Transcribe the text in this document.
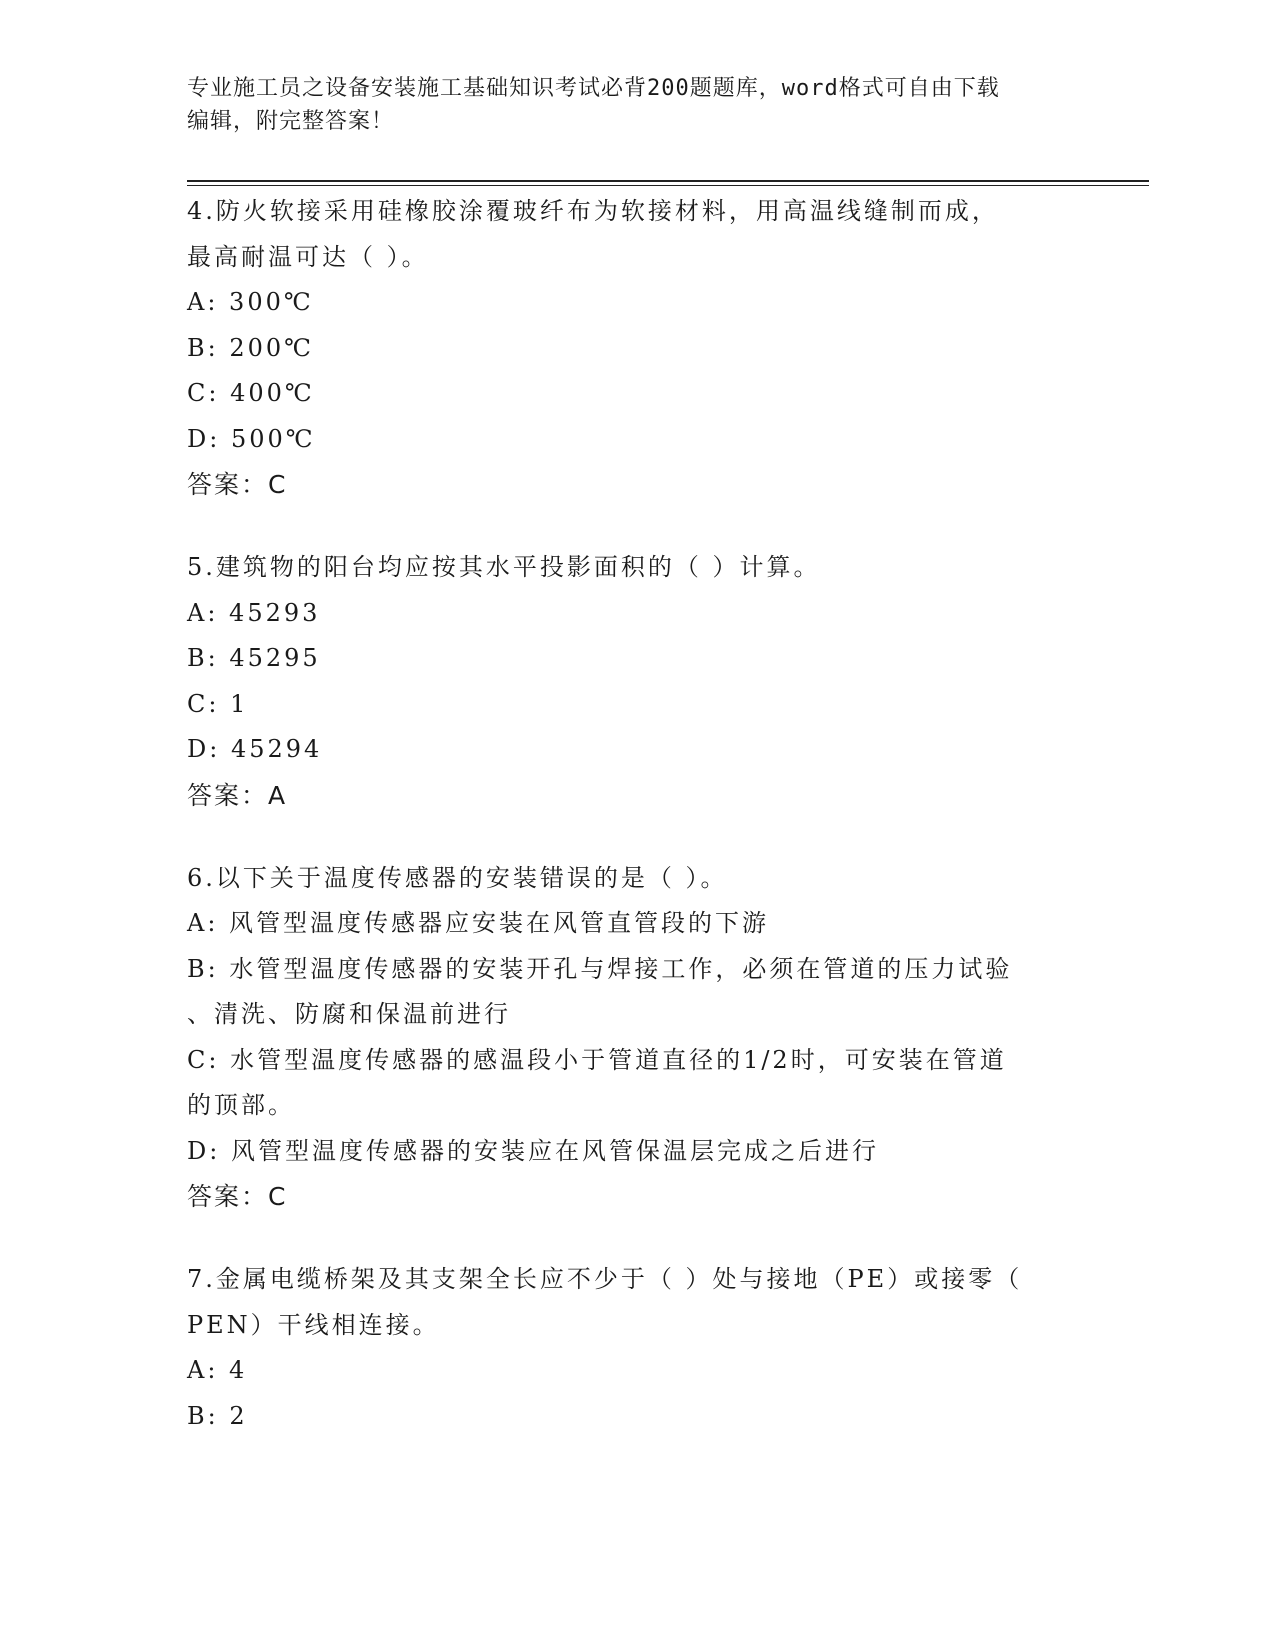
专业施工员之设备安装施工基础知识考试必背200题题库，word格式可自由下载
编辑，附完整答案！

4.防火软接采用硅橡胶涂覆玻纤布为软接材料，用高温线缝制而成，

最高耐温可达（ ）。

A: 300℃

B: 200℃

C: 400℃

D: 500℃

答案：C

5.建筑物的阳台均应按其水平投影面积的（ ）计算。

A: 45293

B: 45295

C: 1

D: 45294

答案：A

6.以下关于温度传感器的安装错误的是（ ）。

A: 风管型温度传感器应安装在风管直管段的下游

B: 水管型温度传感器的安装开孔与焊接工作，必须在管道的压力试验

、清洗、防腐和保温前进行

C: 水管型温度传感器的感温段小于管道直径的1/2时，可安装在管道

的顶部。

D: 风管型温度传感器的安装应在风管保温层完成之后进行

答案：C

7.金属电缆桥架及其支架全长应不少于（ ）处与接地（PE）或接零（

PEN）干线相连接。

A: 4

B: 2
